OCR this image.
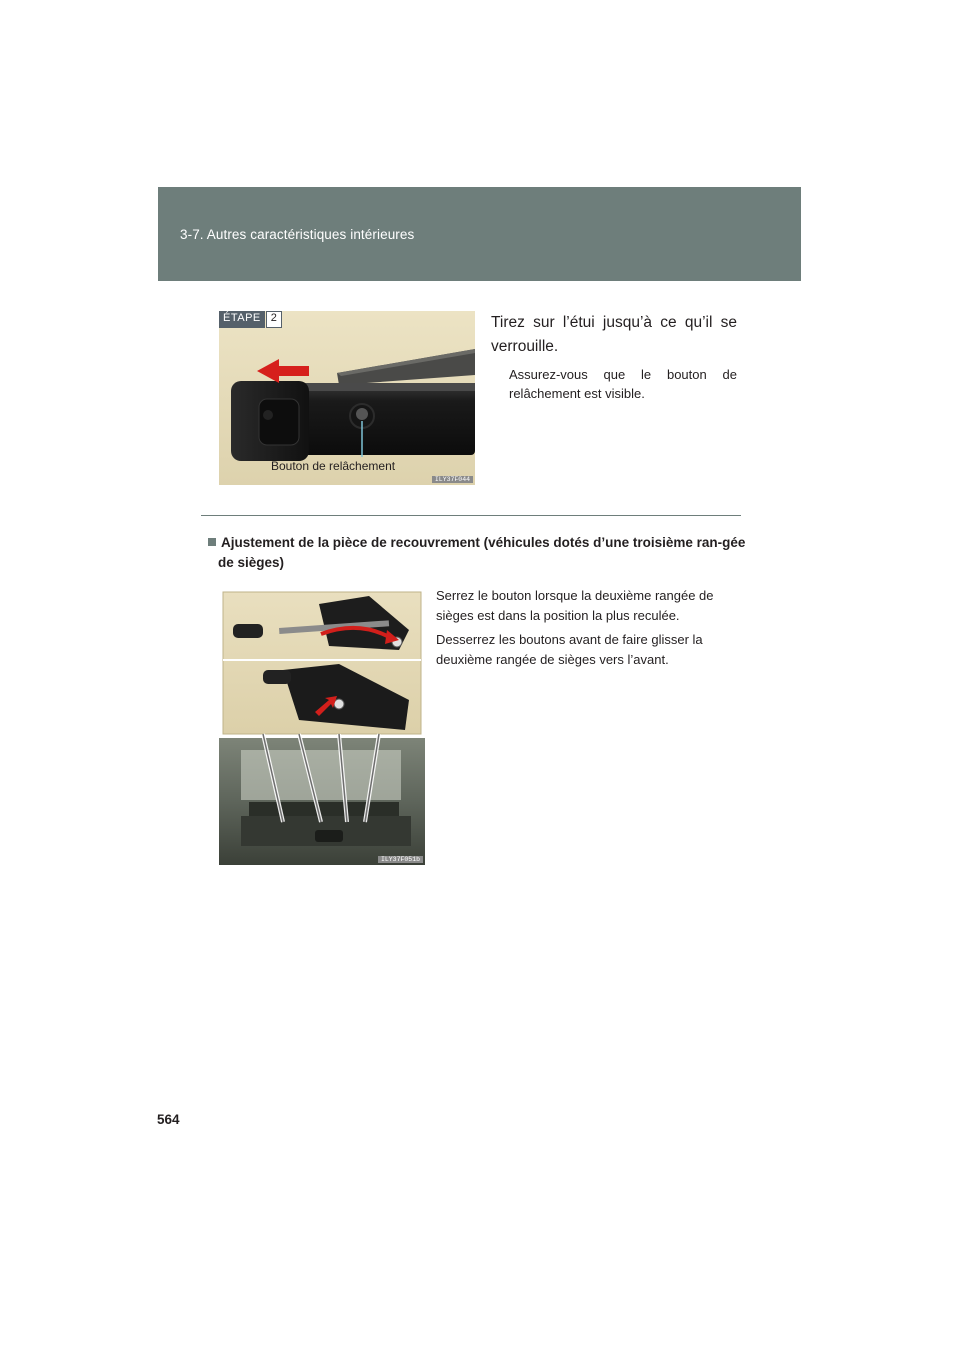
3-7. Autres caractéristiques intérieures
ÉTAPE 2
Bouton de relâchement
ILY37F044
Tirez sur l’étui jusqu’à ce qu’il se verrouille.
Assurez-vous que le bouton de relâchement est visible.
Ajustement de la pièce de recouvrement (véhicules dotés d’une troisième ran-gée de sièges)
ILY37F051b
Serrez le bouton lorsque la deuxième rangée de sièges est dans la position la plus reculée.
Desserrez les boutons avant de faire glisser la deuxième rangée de sièges vers l’avant.
564
